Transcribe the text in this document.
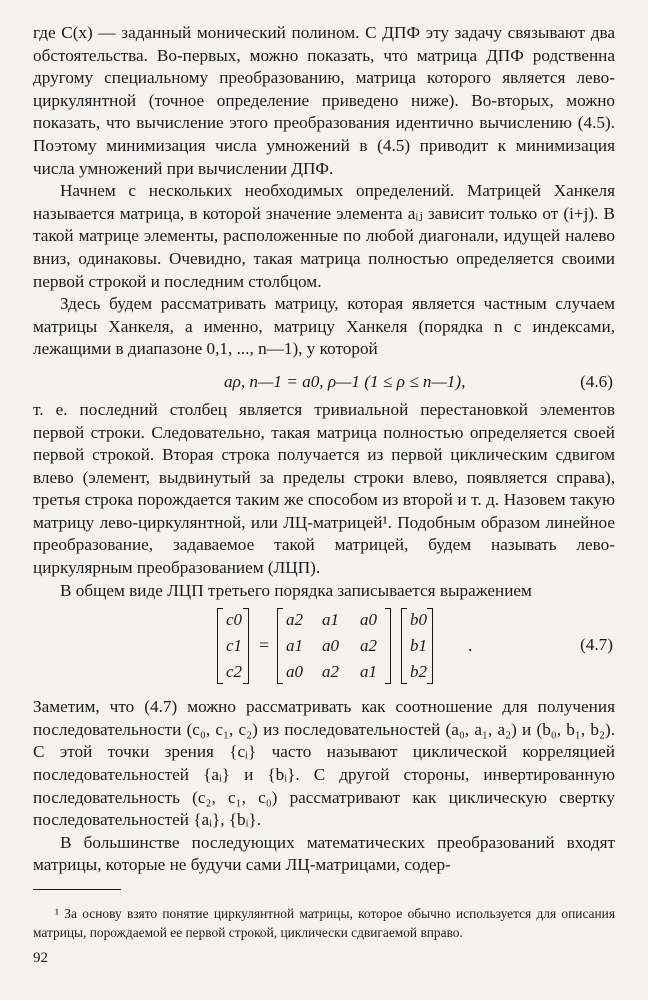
где C(x) — заданный монический полином. С ДПФ эту задачу связывают два обстоятельства. Во-первых, можно показать, что матрица ДПФ родственна другому специальному преобразованию, матрица которого является лево-циркулянтной (точное определение приведено ниже). Во-вторых, можно показать, что вычисление этого преобразования идентично вычислению (4.5). Поэтому минимизация числа умножений в (4.5) приводит к минимизация числа умножений при вычислении ДПФ.

Начнем с нескольких необходимых определений. Матрицей Ханкеля называется матрица, в которой значение элемента aᵢⱼ зависит только от (i+j). В такой матрице элементы, расположенные по любой диагонали, идущей налево вниз, одинаковы. Очевидно, такая матрица полностью определяется своими первой строкой и последним столбцом.

Здесь будем рассматривать матрицу, которая является частным случаем матрицы Ханкеля, а именно, матрицу Ханкеля (порядка n с индексами, лежащими в диапазоне 0,1, ..., n—1), у которой

aρ, n—1 = a0, ρ—1 (1 ≤ ρ ≤ n—1),	(4.6)

т. е. последний столбец является тривиальной перестановкой элементов первой строки. Следовательно, такая матрица полностью определяется своей первой строкой. Вторая строка получается из первой циклическим сдвигом влево (элемент, выдвинутый за пределы строки влево, появляется справа), третья строка порождается таким же способом из второй и т. д. Назовем такую матрицу лево-циркулянтной, или ЛЦ-матрицей¹. Подобным образом линейное преобразование, задаваемое такой матрицей, будем называть лево-циркулярным преобразованием (ЛЦП).

В общем виде ЛЦП третьего порядка записывается выражением

c0
c1
c2
=
a2 a1 a0
a1 a0 a2
a0 a2 a1
b0
b1
b2
.	(4.7)

Заметим, что (4.7) можно рассматривать как соотношение для получения последовательности (c₀, c₁, c₂) из последовательностей (a₀, a₁, a₂) и (b₀, b₁, b₂). С этой точки зрения {cᵢ} часто называют циклической корреляцией последовательностей {aᵢ} и {bᵢ}. С другой стороны, инвертированную последовательность (c₂, c₁, c₀) рассматривают как циклическую свертку последовательностей {aᵢ}, {bᵢ}.

В большинстве последующих математических преобразований входят матрицы, которые не будучи сами ЛЦ-матрицами, содер-

¹ За основу взято понятие циркулянтной матрицы, которое обычно используется для описания матрицы, порождаемой ее первой строкой, циклически сдвигаемой вправо.

92
